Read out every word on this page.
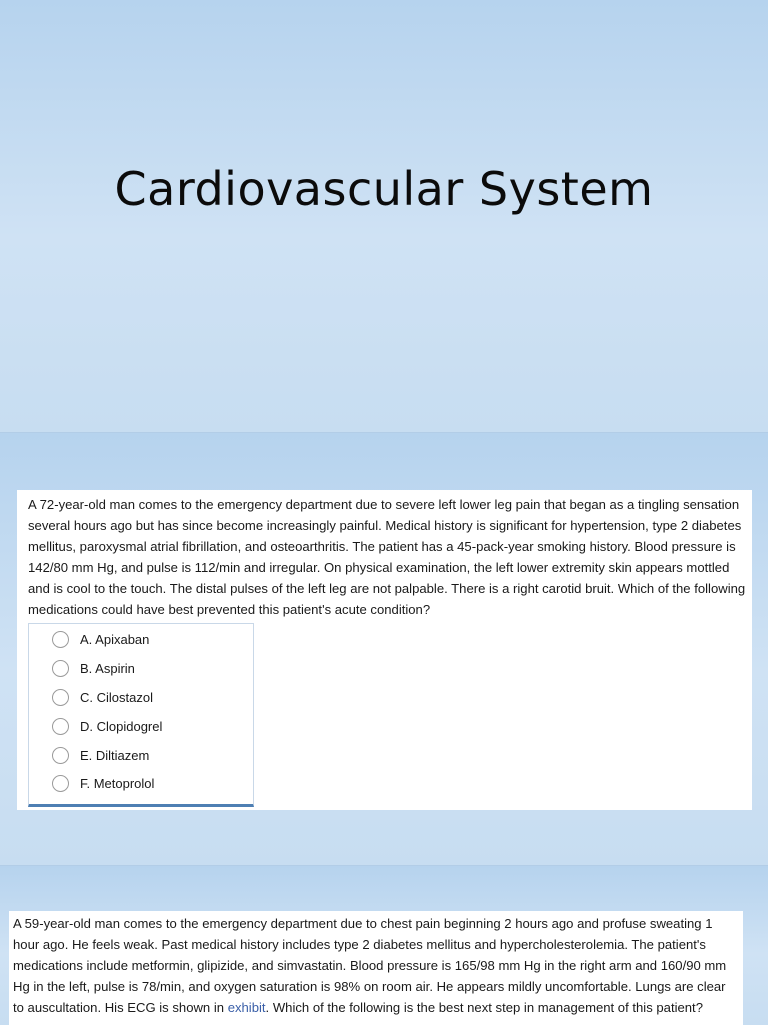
Cardiovascular System
A 72-year-old man comes to the emergency department due to severe left lower leg pain that began as a tingling sensation several hours ago but has since become increasingly painful. Medical history is significant for hypertension, type 2 diabetes mellitus, paroxysmal atrial fibrillation, and osteoarthritis. The patient has a 45-pack-year smoking history. Blood pressure is 142/80 mm Hg, and pulse is 112/min and irregular. On physical examination, the left lower extremity skin appears mottled and is cool to the touch. The distal pulses of the left leg are not palpable. There is a right carotid bruit. Which of the following medications could have best prevented this patient's acute condition?
A. Apixaban
B. Aspirin
C. Cilostazol
D. Clopidogrel
E. Diltiazem
F. Metoprolol
A 59-year-old man comes to the emergency department due to chest pain beginning 2 hours ago and profuse sweating 1 hour ago. He feels weak. Past medical history includes type 2 diabetes mellitus and hypercholesterolemia. The patient's medications include metformin, glipizide, and simvastatin. Blood pressure is 165/98 mm Hg in the right arm and 160/90 mm Hg in the left, pulse is 78/min, and oxygen saturation is 98% on room air. He appears mildly uncomfortable. Lungs are clear to auscultation. His ECG is shown in exhibit. Which of the following is the best next step in management of this patient?
